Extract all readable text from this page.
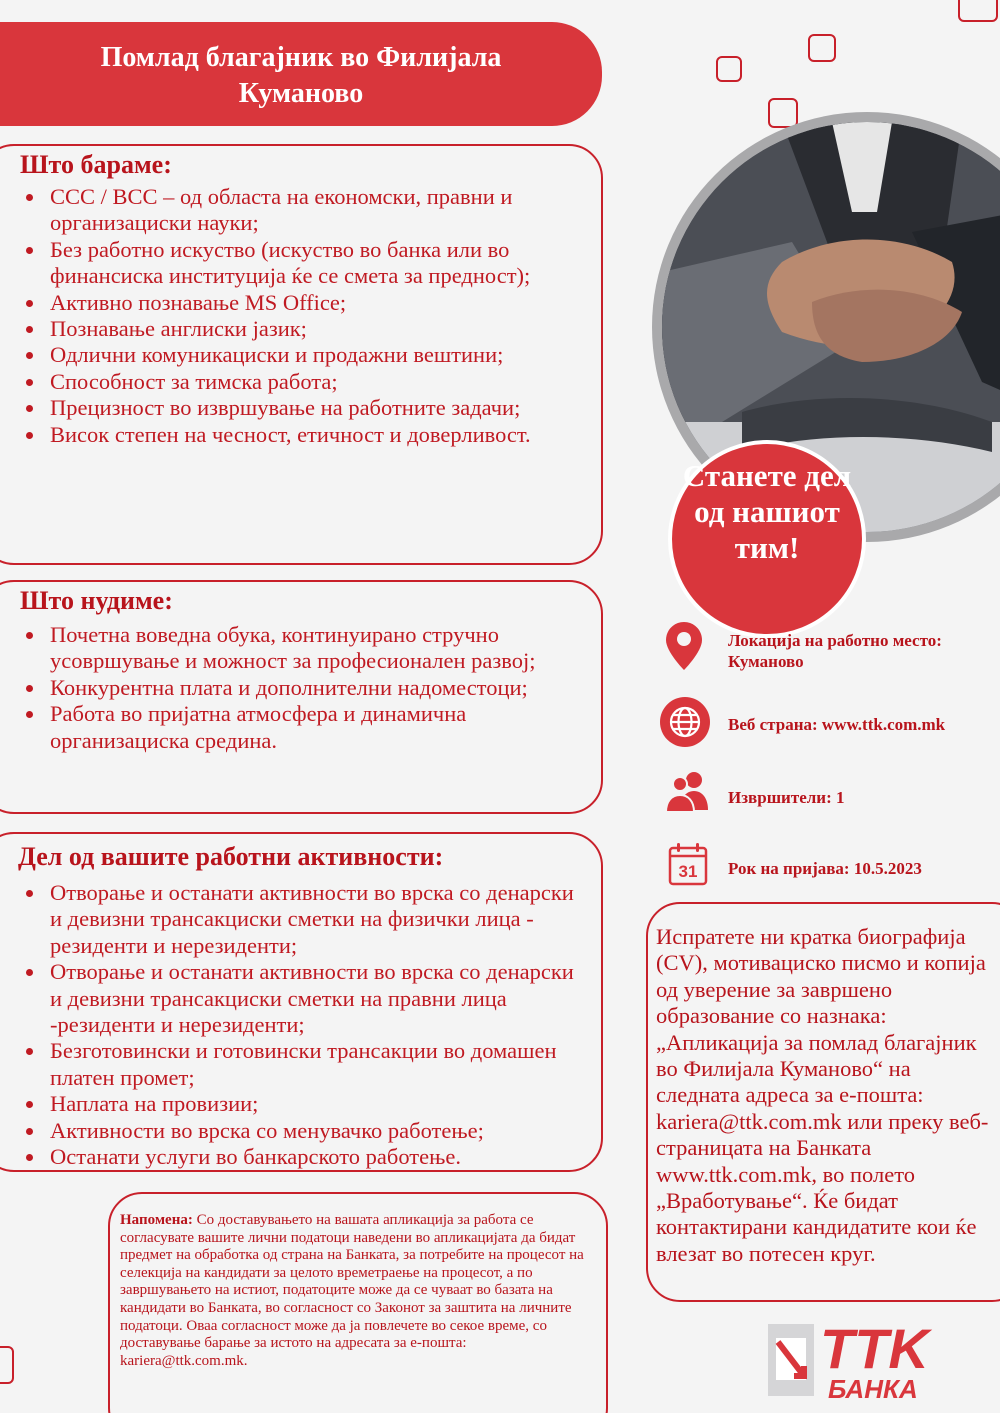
Помлад благајник во Филијала Куманово
Што бараме:
ССС / ВСС – од областа на економски, правни и организациски науки;
Без работно искуство (искуство во банка или во финансиска институција ќе се смета за предност);
Активно познавање MS Office;
Познавање англиски јазик;
Одлични комуникациски и продажни вештини;
Способност за тимска работа;
Прецизност во извршување на работните задачи;
Висок степен на чесност, етичност и доверливост.
Што нудиме:
Почетна воведна обука, континуирано стручно усовршување и можност за професионален развој;
Конкурентна плата и дополнителни надоместоци;
Работа во пријатна атмосфера и динамична организациска средина.
Дел од вашите работни активности:
Отворање и останати активности во врска со денарски и девизни трансакциски сметки на физички лица - резиденти и нерезиденти;
Отворање и останати активности во врска со денарски и девизни трансакциски сметки на правни лица -резиденти и нерезиденти;
Безготовински и готовински трансакции во домашен платен промет;
Наплата на провизии;
Активности во врска со менувачко работење;
Останати услуги во банкарското работење.
Напомена: Со доставувањето на вашата апликација за работа се согласувате вашите лични податоци наведени во апликацијата да бидат предмет на обработка од страна на Банката, за потребите на процесот на селекција на кандидати за целото времетраење на процесот, а по завршувањето на истиот, податоците може да се чуваат во базата на кандидати во Банката, во согласност со Законот за заштита на личните податоци. Оваа согласност може да ја повлечете во секое време, со доставување барање за истото на адресата за е-пошта: kariera@ttk.com.mk.
Станете дел од нашиот тим!
Локација на работно место:
Куманово
Веб страна: www.ttk.com.mk
Извршители: 1
31 Рок на пријава: 10.5.2023
Испратете ни кратка биографија (CV), мотивациско писмо и копија од уверение за завршено образование со назнака: „Апликација за помлад благајник во Филијала Куманово“ на следната адреса за е-пошта: kariera@ttk.com.mk или преку веб-страницата на Банката www.ttk.com.mk, во полето „Вработување“. Ќе бидат контактирани кандидатите кои ќе влезат во потесен круг.
TTK
БАНКА
